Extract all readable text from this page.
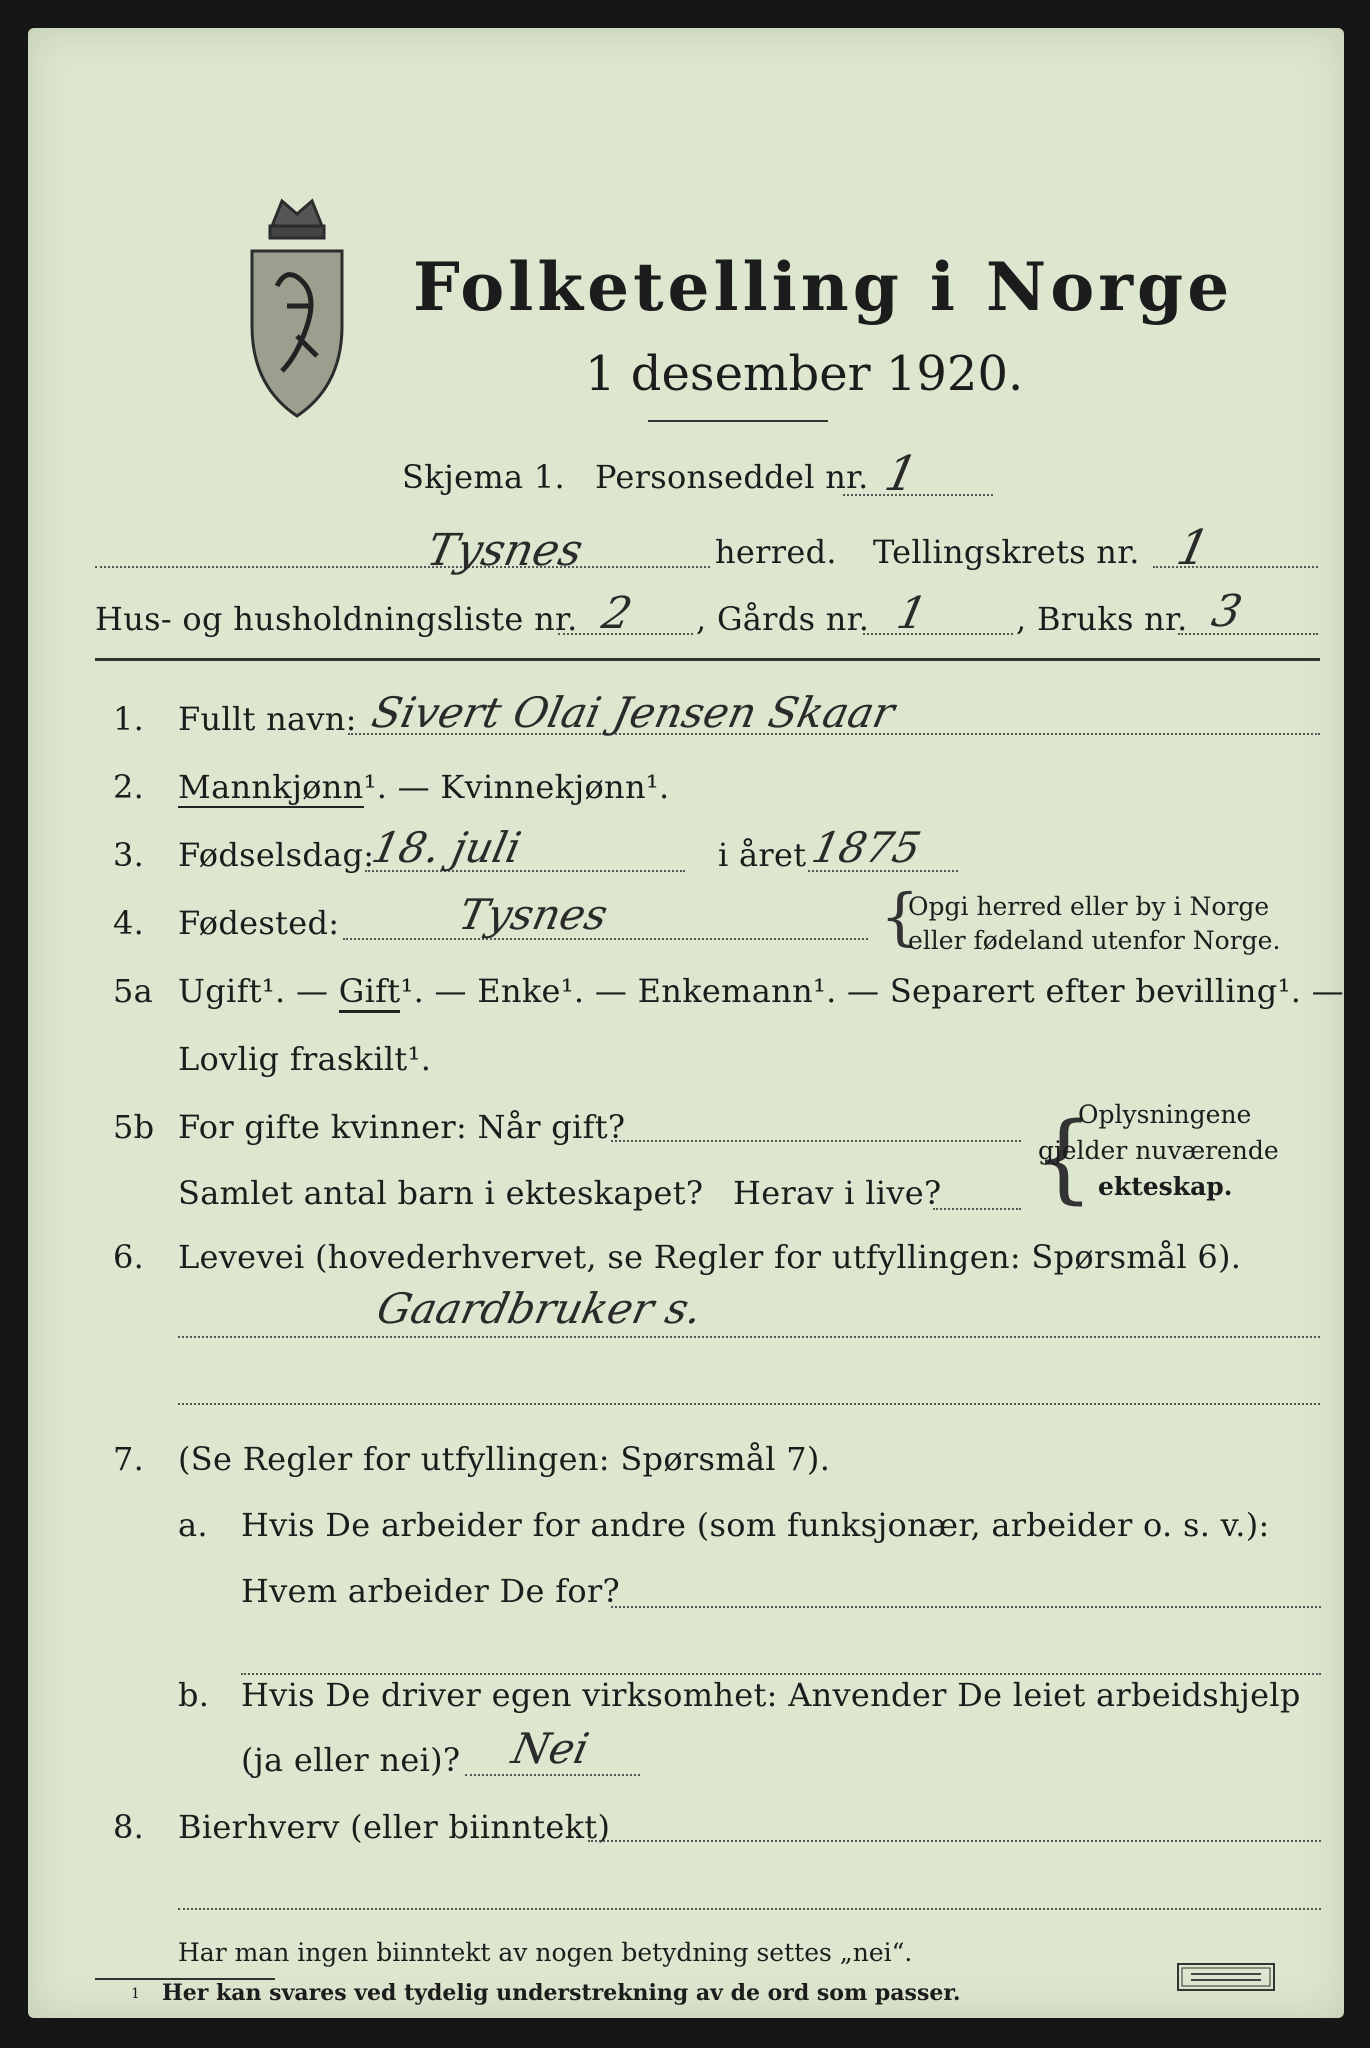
Folketelling i Norge
1 desember 1920.
Skjema 1. Personseddel nr. 1
Tysnes	herred. Tellingskrets nr. 1
Hus- og husholdningsliste nr. 2 , Gårds nr. 1	, Bruks nr. 3
1. Fullt navn: Sivert Olai Jensen Skaar
2. Mannkjønn¹. — Kvinnekjønn¹.
3. Fødselsdag:
18. juli	i året 1875
4. Fødested:	Tysnes	{
Opgi herred eller by i Norge
eller fødeland utenfor Norge.
5a Ugift¹. — Gift¹. — Enke¹. — Enkemann¹. — Separert efter bevilling¹. —
Lovlig fraskilt¹.
5b For gifte kvinner: Når gift?
Samlet antal barn i ekteskapet? Herav i live? {
Oplysningene
gjelder nuværende
ekteskap.
6. Levevei (hovederhvervet, se Regler for utfyllingen: Spørsmål 6).
Gaardbruker s.
7. (Se Regler for utfyllingen: Spørsmål 7).
a. Hvis De arbeider for andre (som funksjonær, arbeider o. s. v.):
Hvem arbeider De for?
b. Hvis De driver egen virksomhet: Anvender De leiet arbeidshjelp
(ja eller nei)? Nei
8. Bierhverv (eller biinntekt)
Har man ingen biinntekt av nogen betydning settes „nei“.
1 Her kan svares ved tydelig understrekning av de ord som passer.
